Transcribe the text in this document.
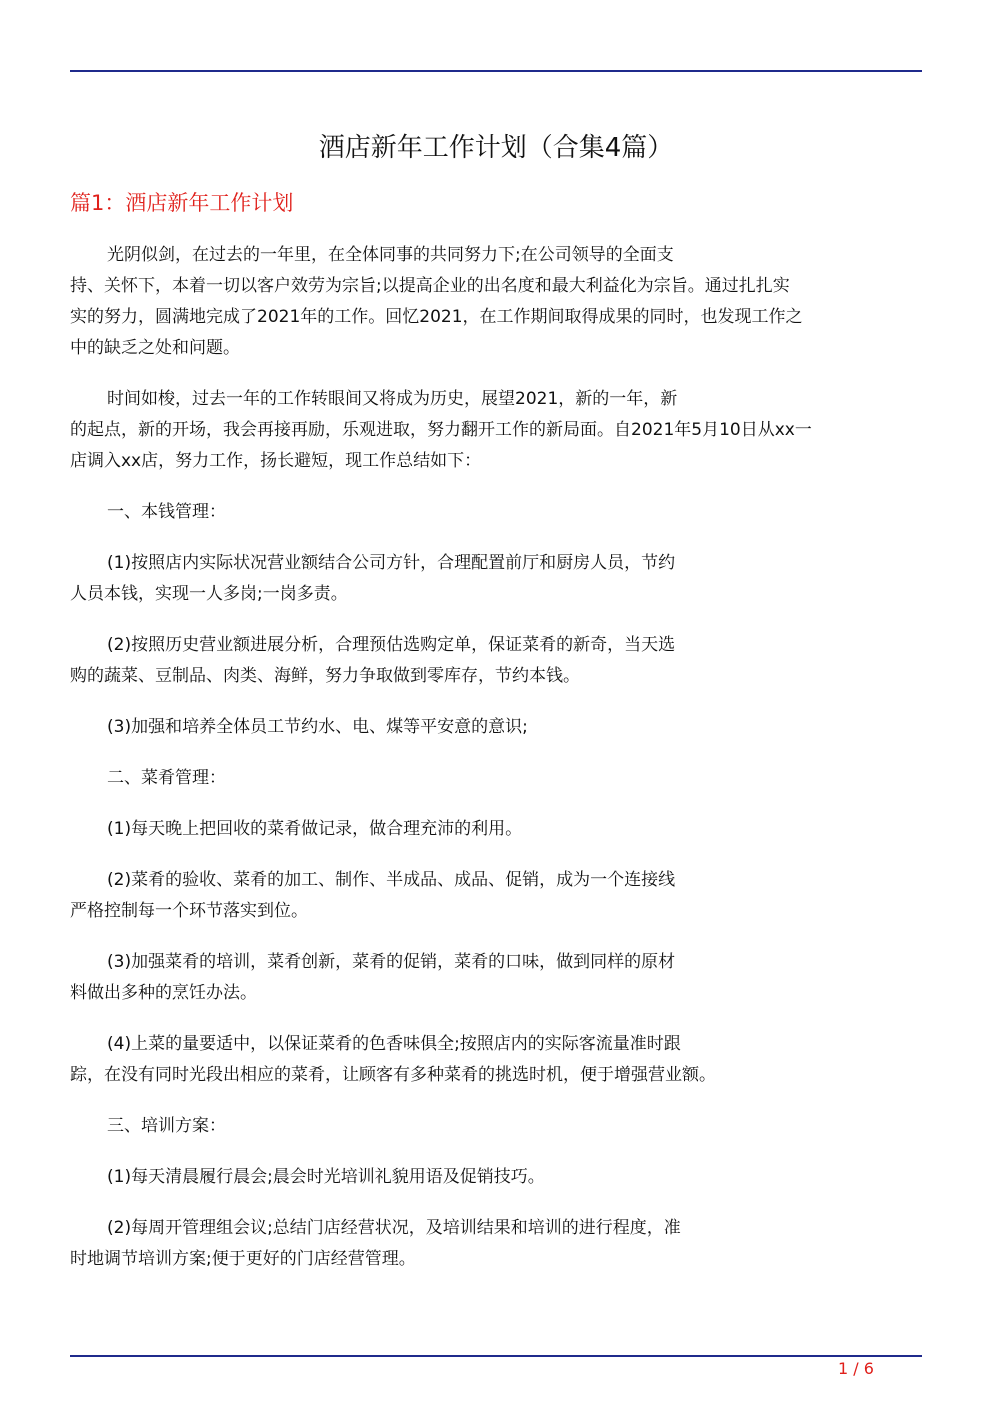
酒店新年工作计划（合集4篇）
篇1：酒店新年工作计划
光阴似剑，在过去的一年里，在全体同事的共同努力下;在公司领导的全面支
持、关怀下，本着一切以客户效劳为宗旨;以提高企业的出名度和最大利益化为宗旨。通过扎扎实
实的努力，圆满地完成了2021年的工作。回忆2021，在工作期间取得成果的同时，也发现工作之
中的缺乏之处和问题。
时间如梭，过去一年的工作转眼间又将成为历史，展望2021，新的一年，新
的起点，新的开场，我会再接再励，乐观进取，努力翻开工作的新局面。自2021年5月10日从xx一
店调入xx店，努力工作，扬长避短，现工作总结如下：
一、本钱管理：
(1)按照店内实际状况营业额结合公司方针，合理配置前厅和厨房人员，节约
人员本钱，实现一人多岗;一岗多责。
(2)按照历史营业额进展分析，合理预估选购定单，保证菜肴的新奇，当天选
购的蔬菜、豆制品、肉类、海鲜，努力争取做到零库存，节约本钱。
(3)加强和培养全体员工节约水、电、煤等平安意的意识;
二、菜肴管理：
(1)每天晚上把回收的菜肴做记录，做合理充沛的利用。
(2)菜肴的验收、菜肴的加工、制作、半成品、成品、促销，成为一个连接线
严格控制每一个环节落实到位。
(3)加强菜肴的培训，菜肴创新，菜肴的促销，菜肴的口味，做到同样的原材
料做出多种的烹饪办法。
(4)上菜的量要适中，以保证菜肴的色香味俱全;按照店内的实际客流量准时跟
踪，在没有同时光段出相应的菜肴，让顾客有多种菜肴的挑选时机，便于增强营业额。
三、培训方案：
(1)每天清晨履行晨会;晨会时光培训礼貌用语及促销技巧。
(2)每周开管理组会议;总结门店经营状况，及培训结果和培训的进行程度，准
时地调节培训方案;便于更好的门店经营管理。
1 / 6
